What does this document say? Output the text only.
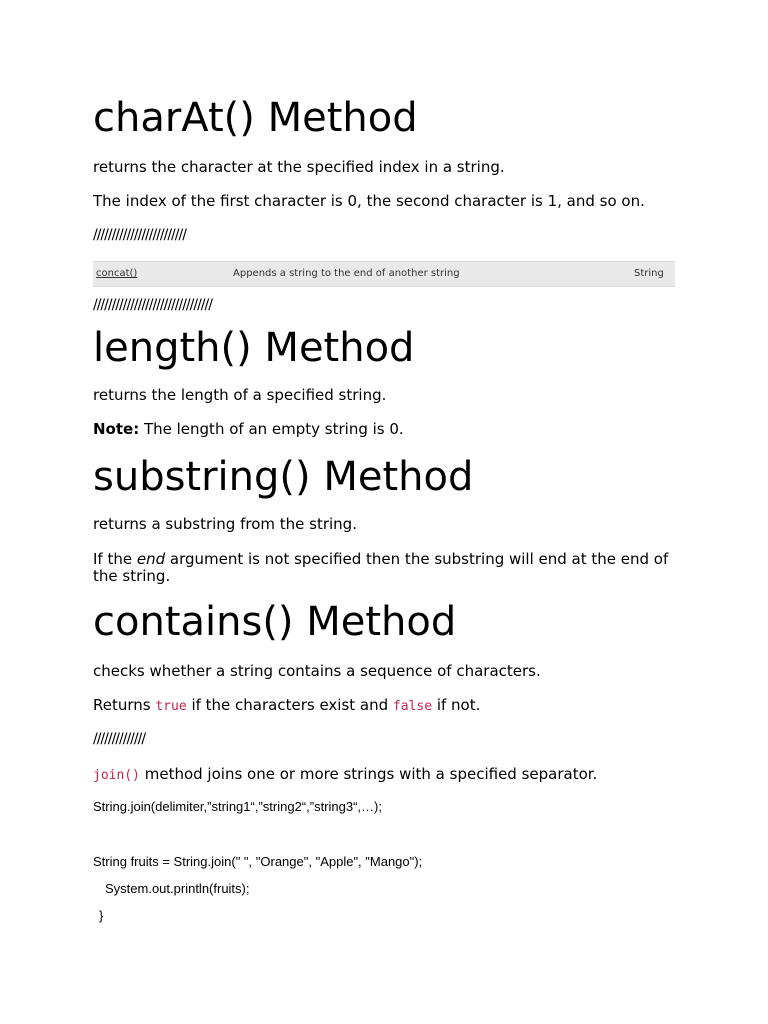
charAt() Method
returns the character at the specified index in a string.
The index of the first character is 0, the second character is 1, and so on.
/////////////////////////
concat()	Appends a string to the end of another string	String
////////////////////////////////
length() Method
returns the length of a specified string.
Note: The length of an empty string is 0.
substring() Method
returns a substring from the string.
If the end argument is not specified then the substring will end at the end of
the string.
contains() Method
checks whether a string contains a sequence of characters.
Returns true if the characters exist and false if not.
//////////////
join() method joins one or more strings with a specified separator.
String.join(delimiter,”string1“,”string2“,”string3“,…);
String fruits = String.join(" ", "Orange", "Apple", "Mango");
System.out.println(fruits);
}
